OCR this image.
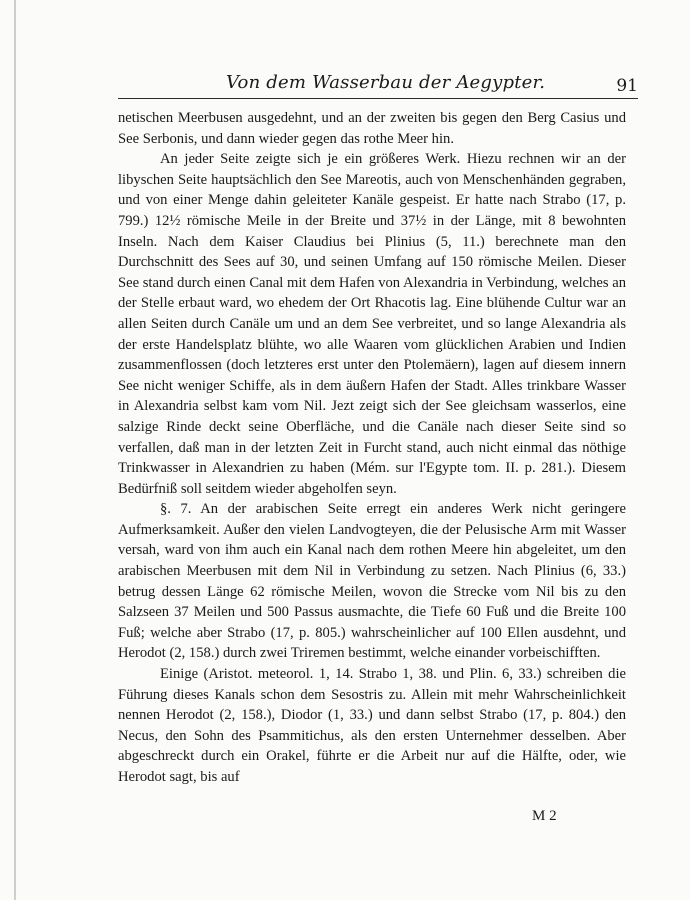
Von dem Wasserbau der Aegypter.	91

netischen Meerbusen ausgedehnt, und an der zweiten bis gegen den Berg Casius und See Serbonis, und dann wieder gegen das rothe Meer hin.

An jeder Seite zeigte sich je ein größeres Werk. Hiezu rechnen wir an der libyschen Seite hauptsächlich den See Mareotis, auch von Menschenhänden gegraben, und von einer Menge dahin geleiteter Kanäle gespeist. Er hatte nach Strabo (17, p. 799.) 12½ römische Meile in der Breite und 37½ in der Länge, mit 8 bewohnten Inseln. Nach dem Kaiser Claudius bei Plinius (5, 11.) berechnete man den Durchschnitt des Sees auf 30, und seinen Umfang auf 150 römische Meilen. Dieser See stand durch einen Canal mit dem Hafen von Alexandria in Verbindung, welches an der Stelle erbaut ward, wo ehedem der Ort Rhacotis lag. Eine blühende Cultur war an allen Seiten durch Canäle um und an dem See verbreitet, und so lange Alexandria als der erste Handelsplatz blühte, wo alle Waaren vom glücklichen Arabien und Indien zusammenflossen (doch letzteres erst unter den Ptolemäern), lagen auf diesem innern See nicht weniger Schiffe, als in dem äußern Hafen der Stadt. Alles trinkbare Wasser in Alexandria selbst kam vom Nil. Jezt zeigt sich der See gleichsam wasserlos, eine salzige Rinde deckt seine Oberfläche, und die Canäle nach dieser Seite sind so verfallen, daß man in der letzten Zeit in Furcht stand, auch nicht einmal das nöthige Trinkwasser in Alexandrien zu haben (Mém. sur l'Egypte tom. II. p. 281.). Diesem Bedürfniß soll seitdem wieder abgeholfen seyn.

§. 7. An der arabischen Seite erregt ein anderes Werk nicht geringere Aufmerksamkeit. Außer den vielen Landvogteyen, die der Pelusische Arm mit Wasser versah, ward von ihm auch ein Kanal nach dem rothen Meere hin abgeleitet, um den arabischen Meerbusen mit dem Nil in Verbindung zu setzen. Nach Plinius (6, 33.) betrug dessen Länge 62 römische Meilen, wovon die Strecke vom Nil bis zu den Salzseen 37 Meilen und 500 Passus ausmachte, die Tiefe 60 Fuß und die Breite 100 Fuß; welche aber Strabo (17, p. 805.) wahrscheinlicher auf 100 Ellen ausdehnt, und Herodot (2, 158.) durch zwei Triremen bestimmt, welche einander vorbeischifften.

Einige (Aristot. meteorol. 1, 14. Strabo 1, 38. und Plin. 6, 33.) schreiben die Führung dieses Kanals schon dem Sesostris zu. Allein mit mehr Wahrscheinlichkeit nennen Herodot (2, 158.), Diodor (1, 33.) und dann selbst Strabo (17, p. 804.) den Necus, den Sohn des Psammitichus, als den ersten Unternehmer desselben. Aber abgeschreckt durch ein Orakel, führte er die Arbeit nur auf die Hälfte, oder, wie Herodot sagt, bis auf

M 2
